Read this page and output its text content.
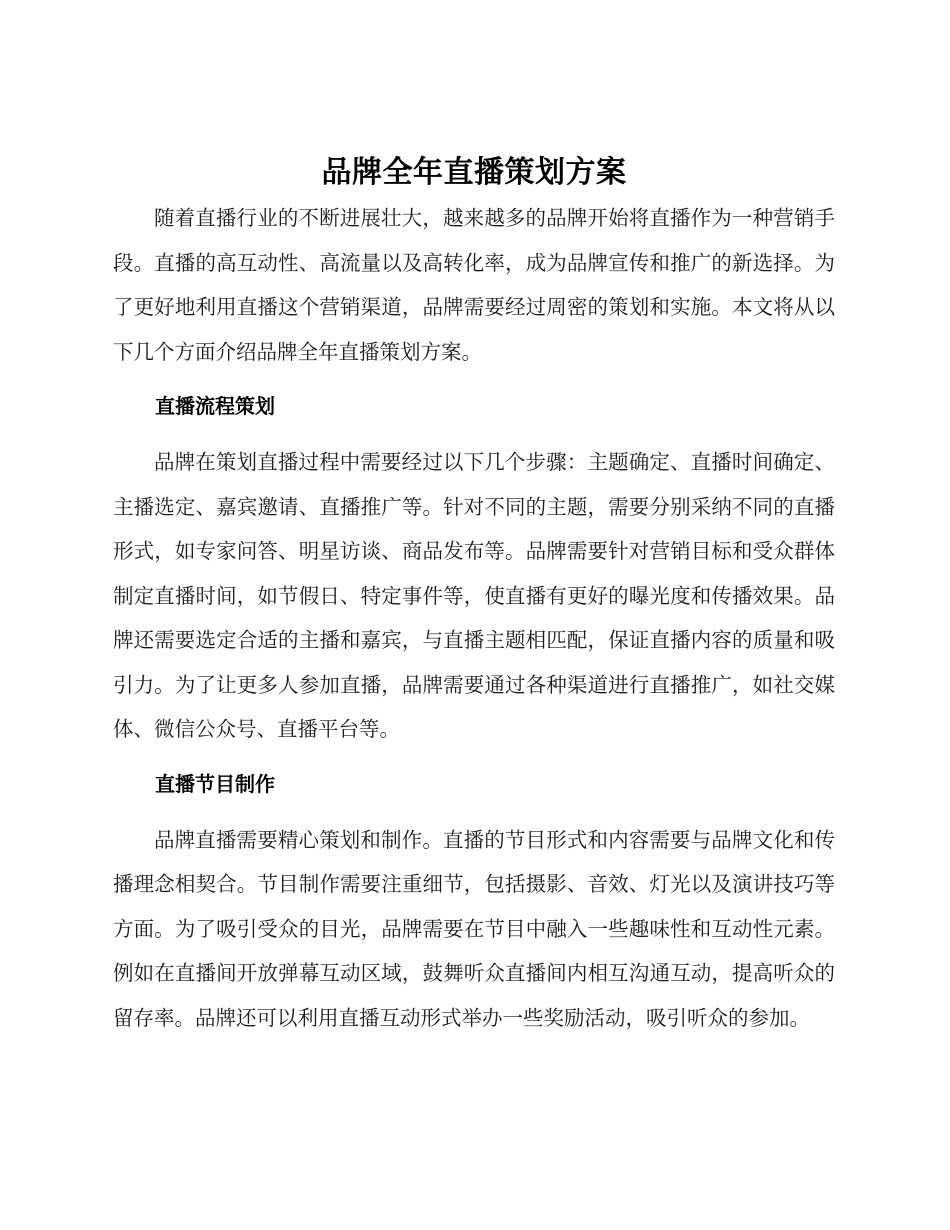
品牌全年直播策划方案

随着直播行业的不断进展壮大，越来越多的品牌开始将直播作为一种营销手段。直播的高互动性、高流量以及高转化率，成为品牌宣传和推广的新选择。为了更好地利用直播这个营销渠道，品牌需要经过周密的策划和实施。本文将从以下几个方面介绍品牌全年直播策划方案。

直播流程策划

品牌在策划直播过程中需要经过以下几个步骤：主题确定、直播时间确定、主播选定、嘉宾邀请、直播推广等。针对不同的主题，需要分别采纳不同的直播形式，如专家问答、明星访谈、商品发布等。品牌需要针对营销目标和受众群体制定直播时间，如节假日、特定事件等，使直播有更好的曝光度和传播效果。品牌还需要选定合适的主播和嘉宾，与直播主题相匹配，保证直播内容的质量和吸引力。为了让更多人参加直播，品牌需要通过各种渠道进行直播推广，如社交媒体、微信公众号、直播平台等。

直播节目制作

品牌直播需要精心策划和制作。直播的节目形式和内容需要与品牌文化和传播理念相契合。节目制作需要注重细节，包括摄影、音效、灯光以及演讲技巧等方面。为了吸引受众的目光，品牌需要在节目中融入一些趣味性和互动性元素。例如在直播间开放弹幕互动区域，鼓舞听众直播间内相互沟通互动，提高听众的留存率。品牌还可以利用直播互动形式举办一些奖励活动，吸引听众的参加。
